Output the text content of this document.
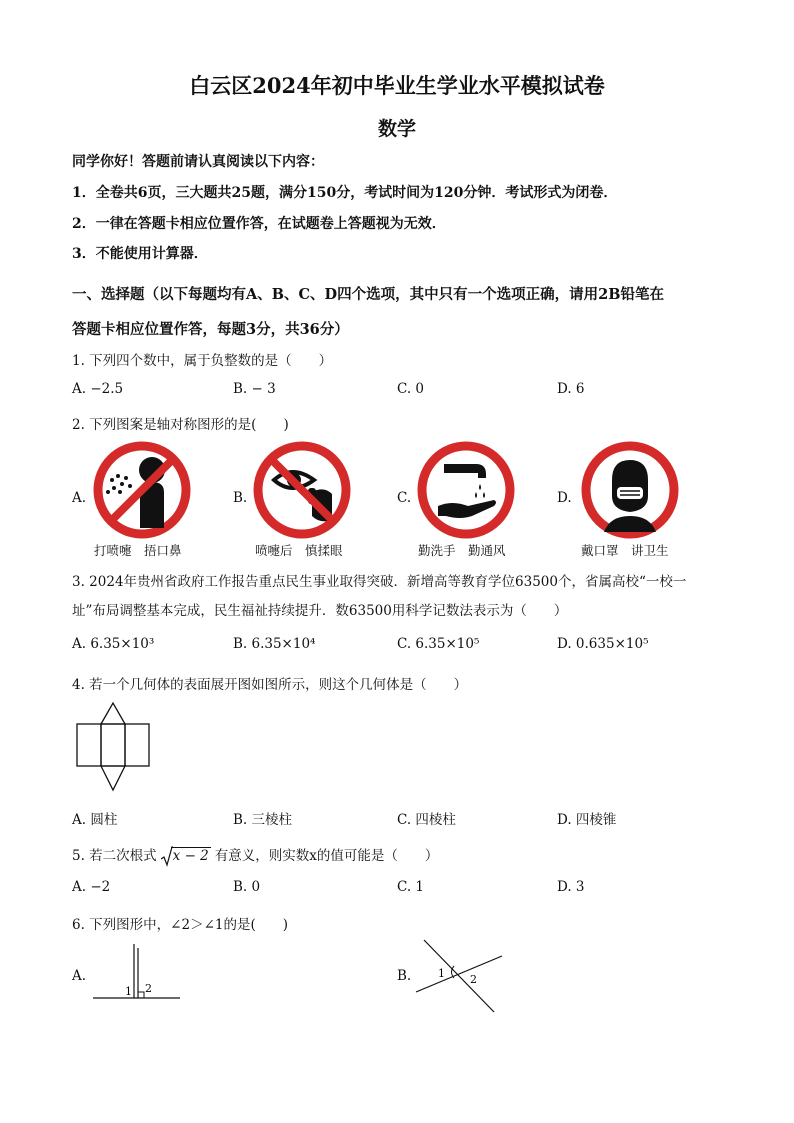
白云区2024年初中毕业生学业水平模拟试卷
数学
同学你好！答题前请认真阅读以下内容：
1．全卷共6页，三大题共25题，满分150分，考试时间为120分钟．考试形式为闭卷．
2．一律在答题卡相应位置作答，在试题卷上答题视为无效．
3．不能使用计算器．
一、选择题（以下每题均有A、B、C、D四个选项，其中只有一个选项正确，请用2B铅笔在
答题卡相应位置作答，每题3分，共36分）
1. 下列四个数中，属于负整数的是（　　）
A. −2.5	B. − 3	C. 0	D. 6
2. 下列图案是轴对称图形的是(　　)
A.
打喷嚏　捂口鼻
B.
喷嚏后　慎揉眼
C.
勤洗手　勤通风
D.
戴口罩　讲卫生
3. 2024年贵州省政府工作报告重点民生事业取得突破．新增高等教育学位63500个，省属高校“一校一
址”布局调整基本完成，民生福祉持续提升．数63500用科学记数法表示为（　　）
A. 6.35×10³	B. 6.35×10⁴	C. 6.35×10⁵	D. 0.635×10⁵
4. 若一个几何体的表面展开图如图所示，则这个几何体是（　　）
A. 圆柱	B. 三棱柱	C. 四棱柱	D. 四棱锥
5. 若二次根式 x − 2 有意义，则实数x的值可能是（　　）
A. −2	B. 0	C. 1	D. 3
6. 下列图形中，∠2＞∠1的是(　　)
A.
1 2
B. 1 2
